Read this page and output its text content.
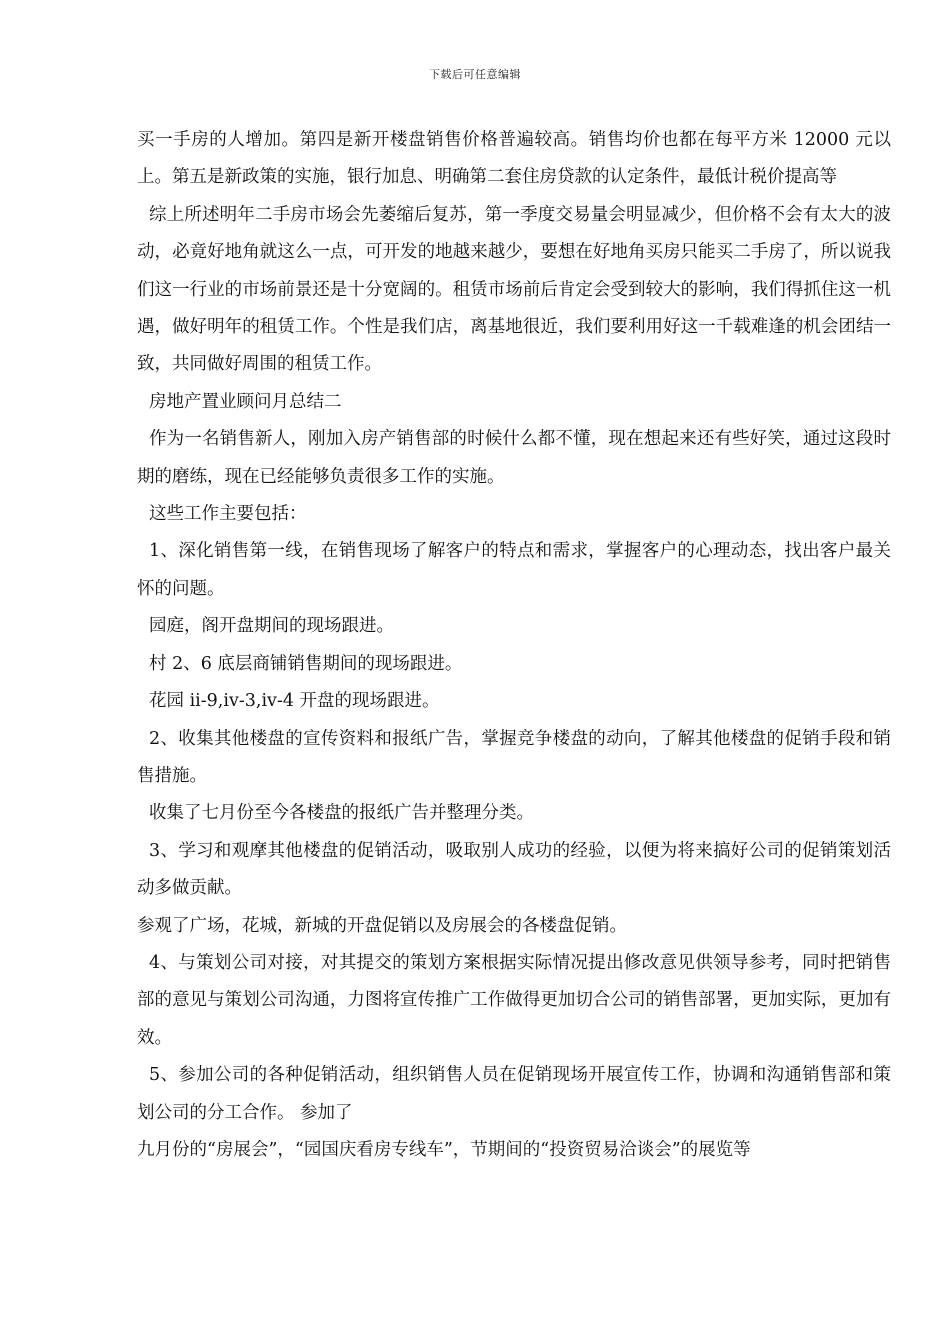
下载后可任意编辑

买一手房的人增加。第四是新开楼盘销售价格普遍较高。销售均价也都在每平方米 12000 元以上。第五是新政策的实施，银行加息、明确第二套住房贷款的认定条件，最低计税价提高等

综上所述明年二手房市场会先萎缩后复苏，第一季度交易量会明显减少，但价格不会有太大的波动，必竟好地角就这么一点，可开发的地越来越少，要想在好地角买房只能买二手房了，所以说我们这一行业的市场前景还是十分宽阔的。租赁市场前后肯定会受到较大的影响，我们得抓住这一机遇，做好明年的租赁工作。个性是我们店，离基地很近，我们要利用好这一千载难逢的机会团结一致，共同做好周围的租赁工作。

房地产置业顾问月总结二

作为一名销售新人，刚加入房产销售部的时候什么都不懂，现在想起来还有些好笑，通过这段时期的磨练，现在已经能够负责很多工作的实施。

这些工作主要包括：

1、深化销售第一线，在销售现场了解客户的特点和需求，掌握客户的心理动态，找出客户最关怀的问题。

园庭，阁开盘期间的现场跟进。

村 2、6 底层商铺销售期间的现场跟进。

花园 ii-9,iv-3,iv-4 开盘的现场跟进。

2、收集其他楼盘的宣传资料和报纸广告，掌握竞争楼盘的动向，了解其他楼盘的促销手段和销售措施。

收集了七月份至今各楼盘的报纸广告并整理分类。

3、学习和观摩其他楼盘的促销活动，吸取别人成功的经验，以便为将来搞好公司的促销策划活动多做贡献。

参观了广场，花城，新城的开盘促销以及房展会的各楼盘促销。

4、与策划公司对接，对其提交的策划方案根据实际情况提出修改意见供领导参考，同时把销售部的意见与策划公司沟通，力图将宣传推广工作做得更加切合公司的销售部署，更加实际，更加有效。

5、参加公司的各种促销活动，组织销售人员在促销现场开展宣传工作，协调和沟通销售部和策划公司的分工合作。 参加了

九月份的“房展会”，“园国庆看房专线车”，节期间的“投资贸易洽谈会”的展览等
